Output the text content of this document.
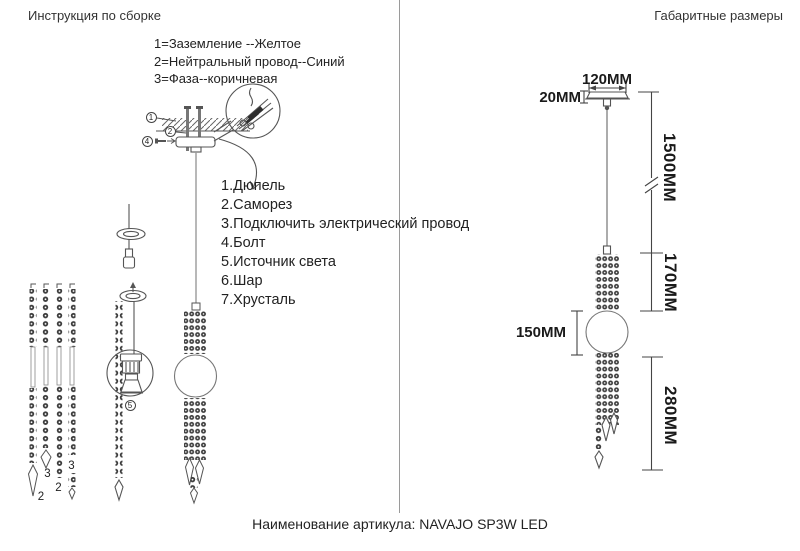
Инструкция по сборке	Габаритные размеры
1=Заземление --Желтое
2=Нейтральный провод--Синий
3=Фаза--коричневая
1.Дюпель
2.Саморез
3.Подключить электрический провод
4.Болт
5.Источник света
6.Шар
7.Хрусталь
1
2
4
5
2
3
2
3
120MM
20MM
1500MM
170MM
150MM
280MM
Наименование артикула: NAVAJO SP3W LED
